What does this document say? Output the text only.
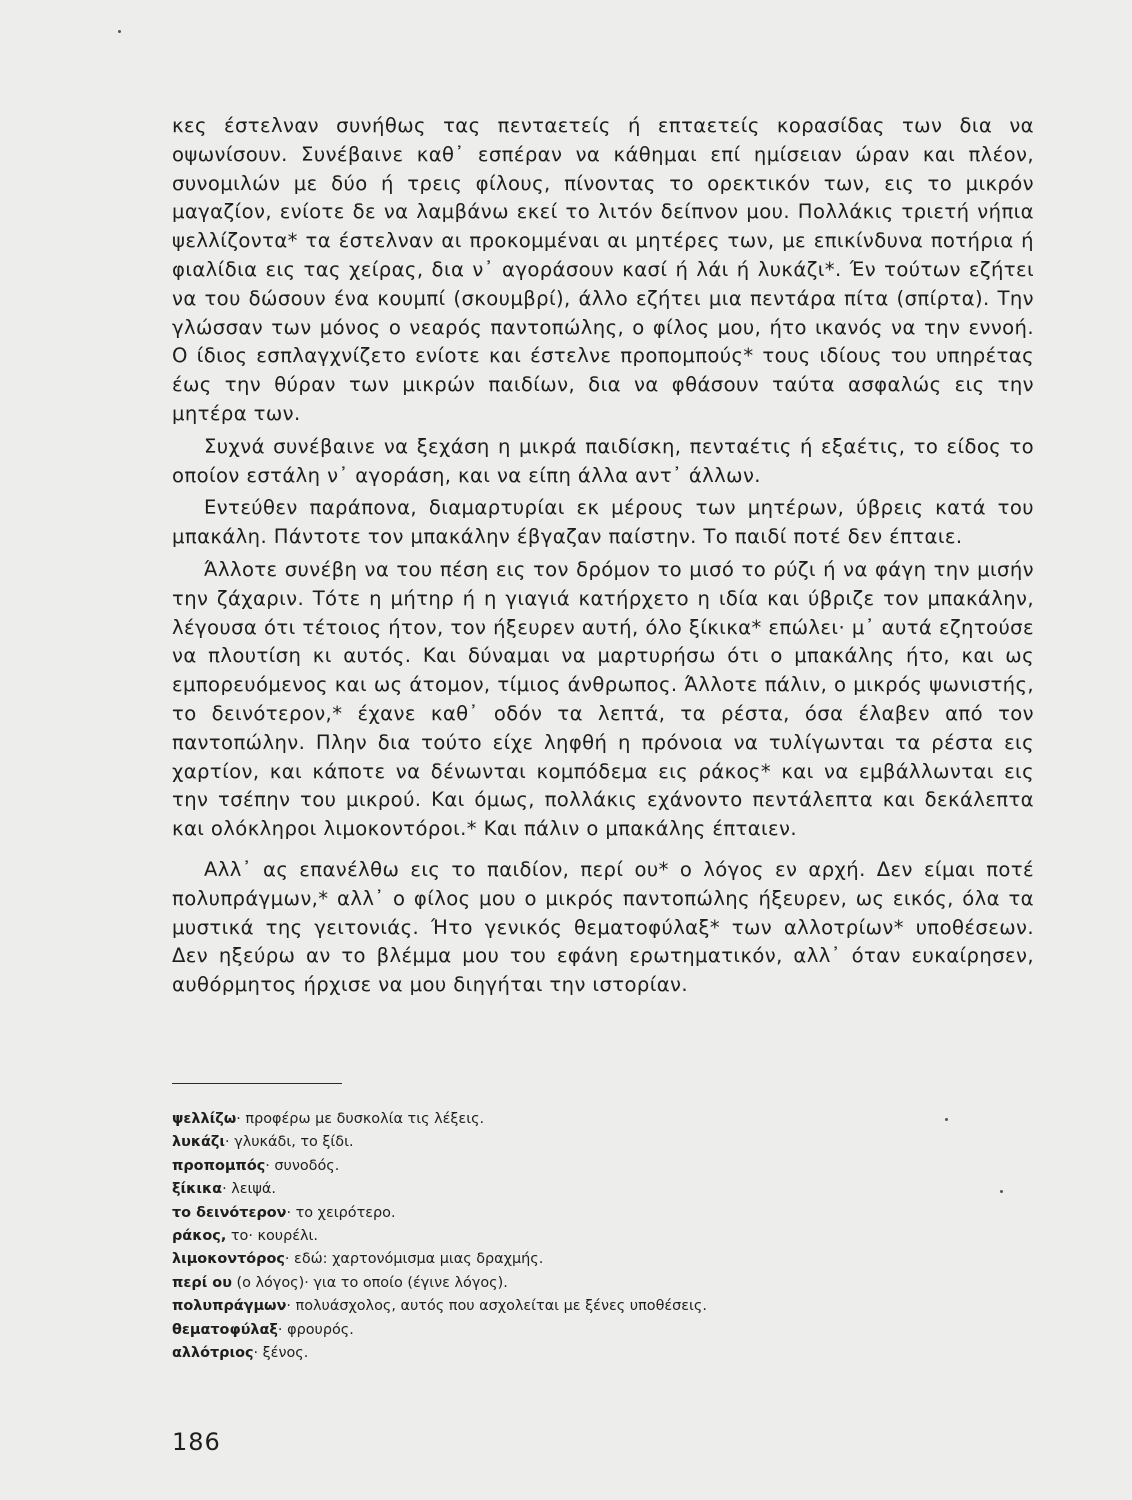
κες έστελναν συνήθως τας πενταετείς ή επταετείς κορασίδας των δια να οψωνίσουν. Συνέβαινε καθ᾽ εσπέραν να κάθημαι επί ημίσειαν ώραν και πλέον, συνομιλών με δύο ή τρεις φίλους, πίνοντας το ορεκτικόν των, εις το μικρόν μαγαζίον, ενίοτε δε να λαμβάνω εκεί το λιτόν δείπνον μου. Πολλάκις τριετή νήπια ψελλίζοντα* τα έστελναν αι προκομμέναι αι μητέρες των, με επικίνδυνα ποτήρια ή φιαλίδια εις τας χείρας, δια ν᾽ αγοράσουν κασί ή λάι ή λυκάζι*. Έν τούτων εζήτει να του δώσουν ένα κουμπί (σκουμβρί), άλλο εζήτει μια πεντάρα πίτα (σπίρτα). Την γλώσσαν των μόνος ο νεαρός παντοπώλης, ο φίλος μου, ήτο ικανός να την εννοή. Ο ίδιος εσπλαγχνίζετο ενίοτε και έστελνε προπομπούς* τους ιδίους του υπηρέτας έως την θύραν των μικρών παιδίων, δια να φθάσουν ταύτα ασφαλώς εις την μητέρα των.

Συχνά συνέβαινε να ξεχάση η μικρά παιδίσκη, πενταέτις ή εξαέτις, το είδος το οποίον εστάλη ν᾽ αγοράση, και να είπη άλλα αντ᾽ άλλων.

Εντεύθεν παράπονα, διαμαρτυρίαι εκ μέρους των μητέρων, ύβρεις κατά του μπακάλη. Πάντοτε τον μπακάλην έβγαζαν παίστην. Το παιδί ποτέ δεν έπταιε.

Άλλοτε συνέβη να του πέση εις τον δρόμον το μισό το ρύζι ή να φάγη την μισήν την ζάχαριν. Τότε η μήτηρ ή η γιαγιά κατήρχετο η ιδία και ύβριζε τον μπακάλην, λέγουσα ότι τέτοιος ήτον, τον ήξευρεν αυτή, όλο ξίκικα* επώλει· μ᾽ αυτά εζητούσε να πλουτίση κι αυτός. Και δύναμαι να μαρτυρήσω ότι ο μπακάλης ήτο, και ως εμπορευόμενος και ως άτομον, τίμιος άνθρωπος. Άλλοτε πάλιν, ο μικρός ψωνιστής, το δεινότερον,* έχανε καθ᾽ οδόν τα λεπτά, τα ρέστα, όσα έλαβεν από τον παντοπώλην. Πλην δια τούτο είχε ληφθή η πρόνοια να τυλίγωνται τα ρέστα εις χαρτίον, και κάποτε να δένωνται κομπόδεμα εις ράκος* και να εμβάλλωνται εις την τσέπην του μικρού. Και όμως, πολλάκις εχάνοντο πεντάλεπτα και δεκάλεπτα και ολόκληροι λιμοκοντόροι.* Και πάλιν ο μπακάλης έπταιεν.

Αλλ᾽ ας επανέλθω εις το παιδίον, περί ου* ο λόγος εν αρχή. Δεν είμαι ποτέ πολυπράγμων,* αλλ᾽ ο φίλος μου ο μικρός παντοπώλης ήξευρεν, ως εικός, όλα τα μυστικά της γειτονιάς. Ήτο γενικός θεματοφύλαξ* των αλλοτρίων* υποθέσεων. Δεν ηξεύρω αν το βλέμμα μου του εφάνη ερωτηματικόν, αλλ᾽ όταν ευκαίρησεν, αυθόρμητος ήρχισε να μου διηγήται την ιστορίαν.

ψελλίζω· προφέρω με δυσκολία τις λέξεις.
λυκάζι· γλυκάδι, το ξίδι.
προπομπός· συνοδός.
ξίκικα· λειψά.
το δεινότερον· το χειρότερο.
ράκος, το· κουρέλι.
λιμοκοντόρος· εδώ: χαρτονόμισμα μιας δραχμής.
περί ου (ο λόγος)· για το οποίο (έγινε λόγος).
πολυπράγμων· πολυάσχολος, αυτός που ασχολείται με ξένες υποθέσεις.
θεματοφύλαξ· φρουρός.
αλλότριος· ξένος.
186
